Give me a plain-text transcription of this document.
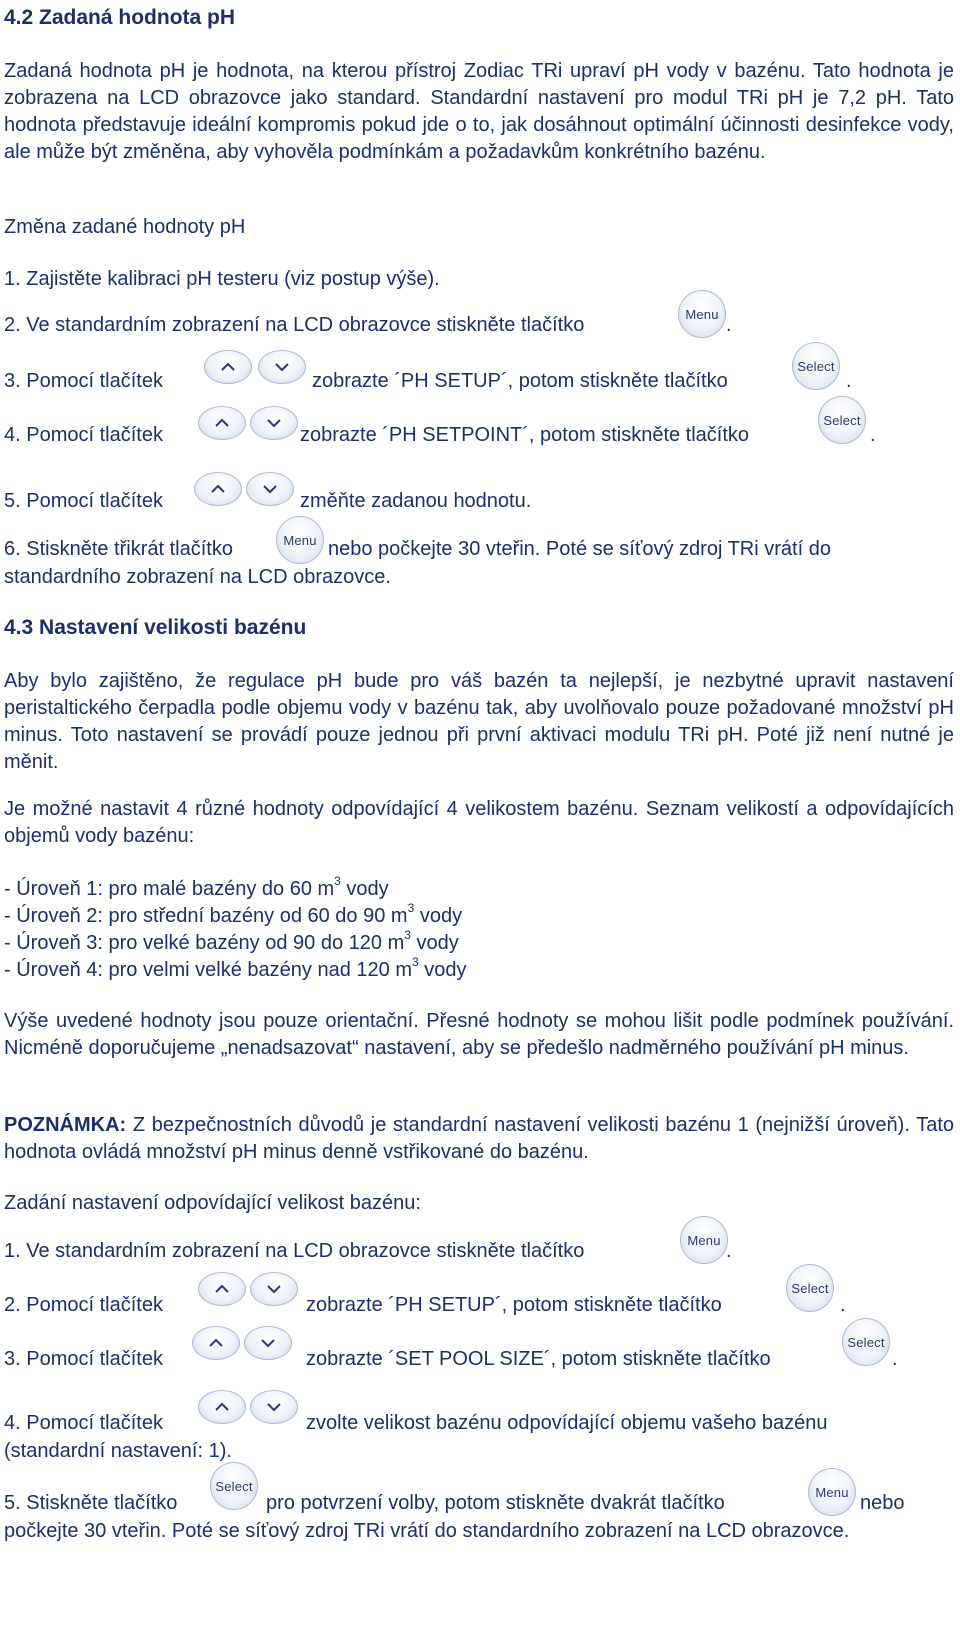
4.2 Zadaná hodnota pH

Zadaná hodnota pH je hodnota, na kterou přístroj Zodiac TRi upraví pH vody v bazénu. Tato hodnota je zobrazena na LCD obrazovce jako standard. Standardní nastavení pro modul TRi pH je 7,2 pH. Tato hodnota představuje ideální kompromis pokud jde o to, jak dosáhnout optimální účinnosti desinfekce vody, ale může být změněna, aby vyhověla podmínkám a požadavkům konkrétního bazénu.

Změna zadané hodnoty pH
1. Zajistěte kalibraci pH testeru (viz postup výše).
2. Ve standardním zobrazení na LCD obrazovce stiskněte tlačítko	Menu .
3. Pomocí tlačítek	zobrazte ´PH SETUP´, potom stiskněte tlačítko
Select
.
4. Pomocí tlačítek	zobrazte ´PH SETPOINT´, potom stiskněte tlačítko
Select
.
5. Pomocí tlačítek	změňte zadanou hodnotu.
6. Stiskněte třikrát tlačítko	Menu nebo počkejte 30 vteřin. Poté se síťový zdroj TRi vrátí do
standardního zobrazení na LCD obrazovce.
4.3 Nastavení velikosti bazénu

Aby bylo zajištěno, že regulace pH bude pro váš bazén ta nejlepší, je nezbytné upravit nastavení peristaltického čerpadla podle objemu vody v bazénu tak, aby uvolňovalo pouze požadované množství pH minus. Toto nastavení se provádí pouze jednou při první aktivaci modulu TRi pH. Poté již není nutné je měnit.

Je možné nastavit 4 různé hodnoty odpovídající 4 velikostem bazénu. Seznam velikostí a odpovídajících objemů vody bazénu:

- Úroveň 1: pro malé bazény do 60 $m^3$ vody
- Úroveň 2: pro střední bazény od 60 do 90 $m^3$ vody
- Úroveň 3: pro velké bazény od 90 do 120 $m^3$ vody
- Úroveň 4: pro velmi velké bazény nad 120 $m^3$ vody

Výše uvedené hodnoty jsou pouze orientační. Přesné hodnoty se mohou lišit podle podmínek používání. Nicméně doporučujeme „nenadsazovat“ nastavení, aby se předešlo nadměrného používání pH minus.

POZNÁMKA: Z bezpečnostních důvodů je standardní nastavení velikosti bazénu 1 (nejnižší úroveň). Tato hodnota ovládá množství pH minus denně vstřikované do bazénu.

Zadání nastavení odpovídající velikost bazénu:
1. Ve standardním zobrazení na LCD obrazovce stiskněte tlačítko	Menu .
2. Pomocí tlačítek	zobrazte ´PH SETUP´, potom stiskněte tlačítko
Select
.
3. Pomocí tlačítek	zobrazte ´SET POOL SIZE´, potom stiskněte tlačítko
Select
.
4. Pomocí tlačítek	zvolte velikost bazénu odpovídající objemu vašeho bazénu
(standardní nastavení: 1).
5. Stiskněte tlačítko
Select
pro potvrzení volby, potom stiskněte dvakrát tlačítko	Menu nebo

počkejte 30 vteřin. Poté se síťový zdroj TRi vrátí do standardního zobrazení na LCD obrazovce.
